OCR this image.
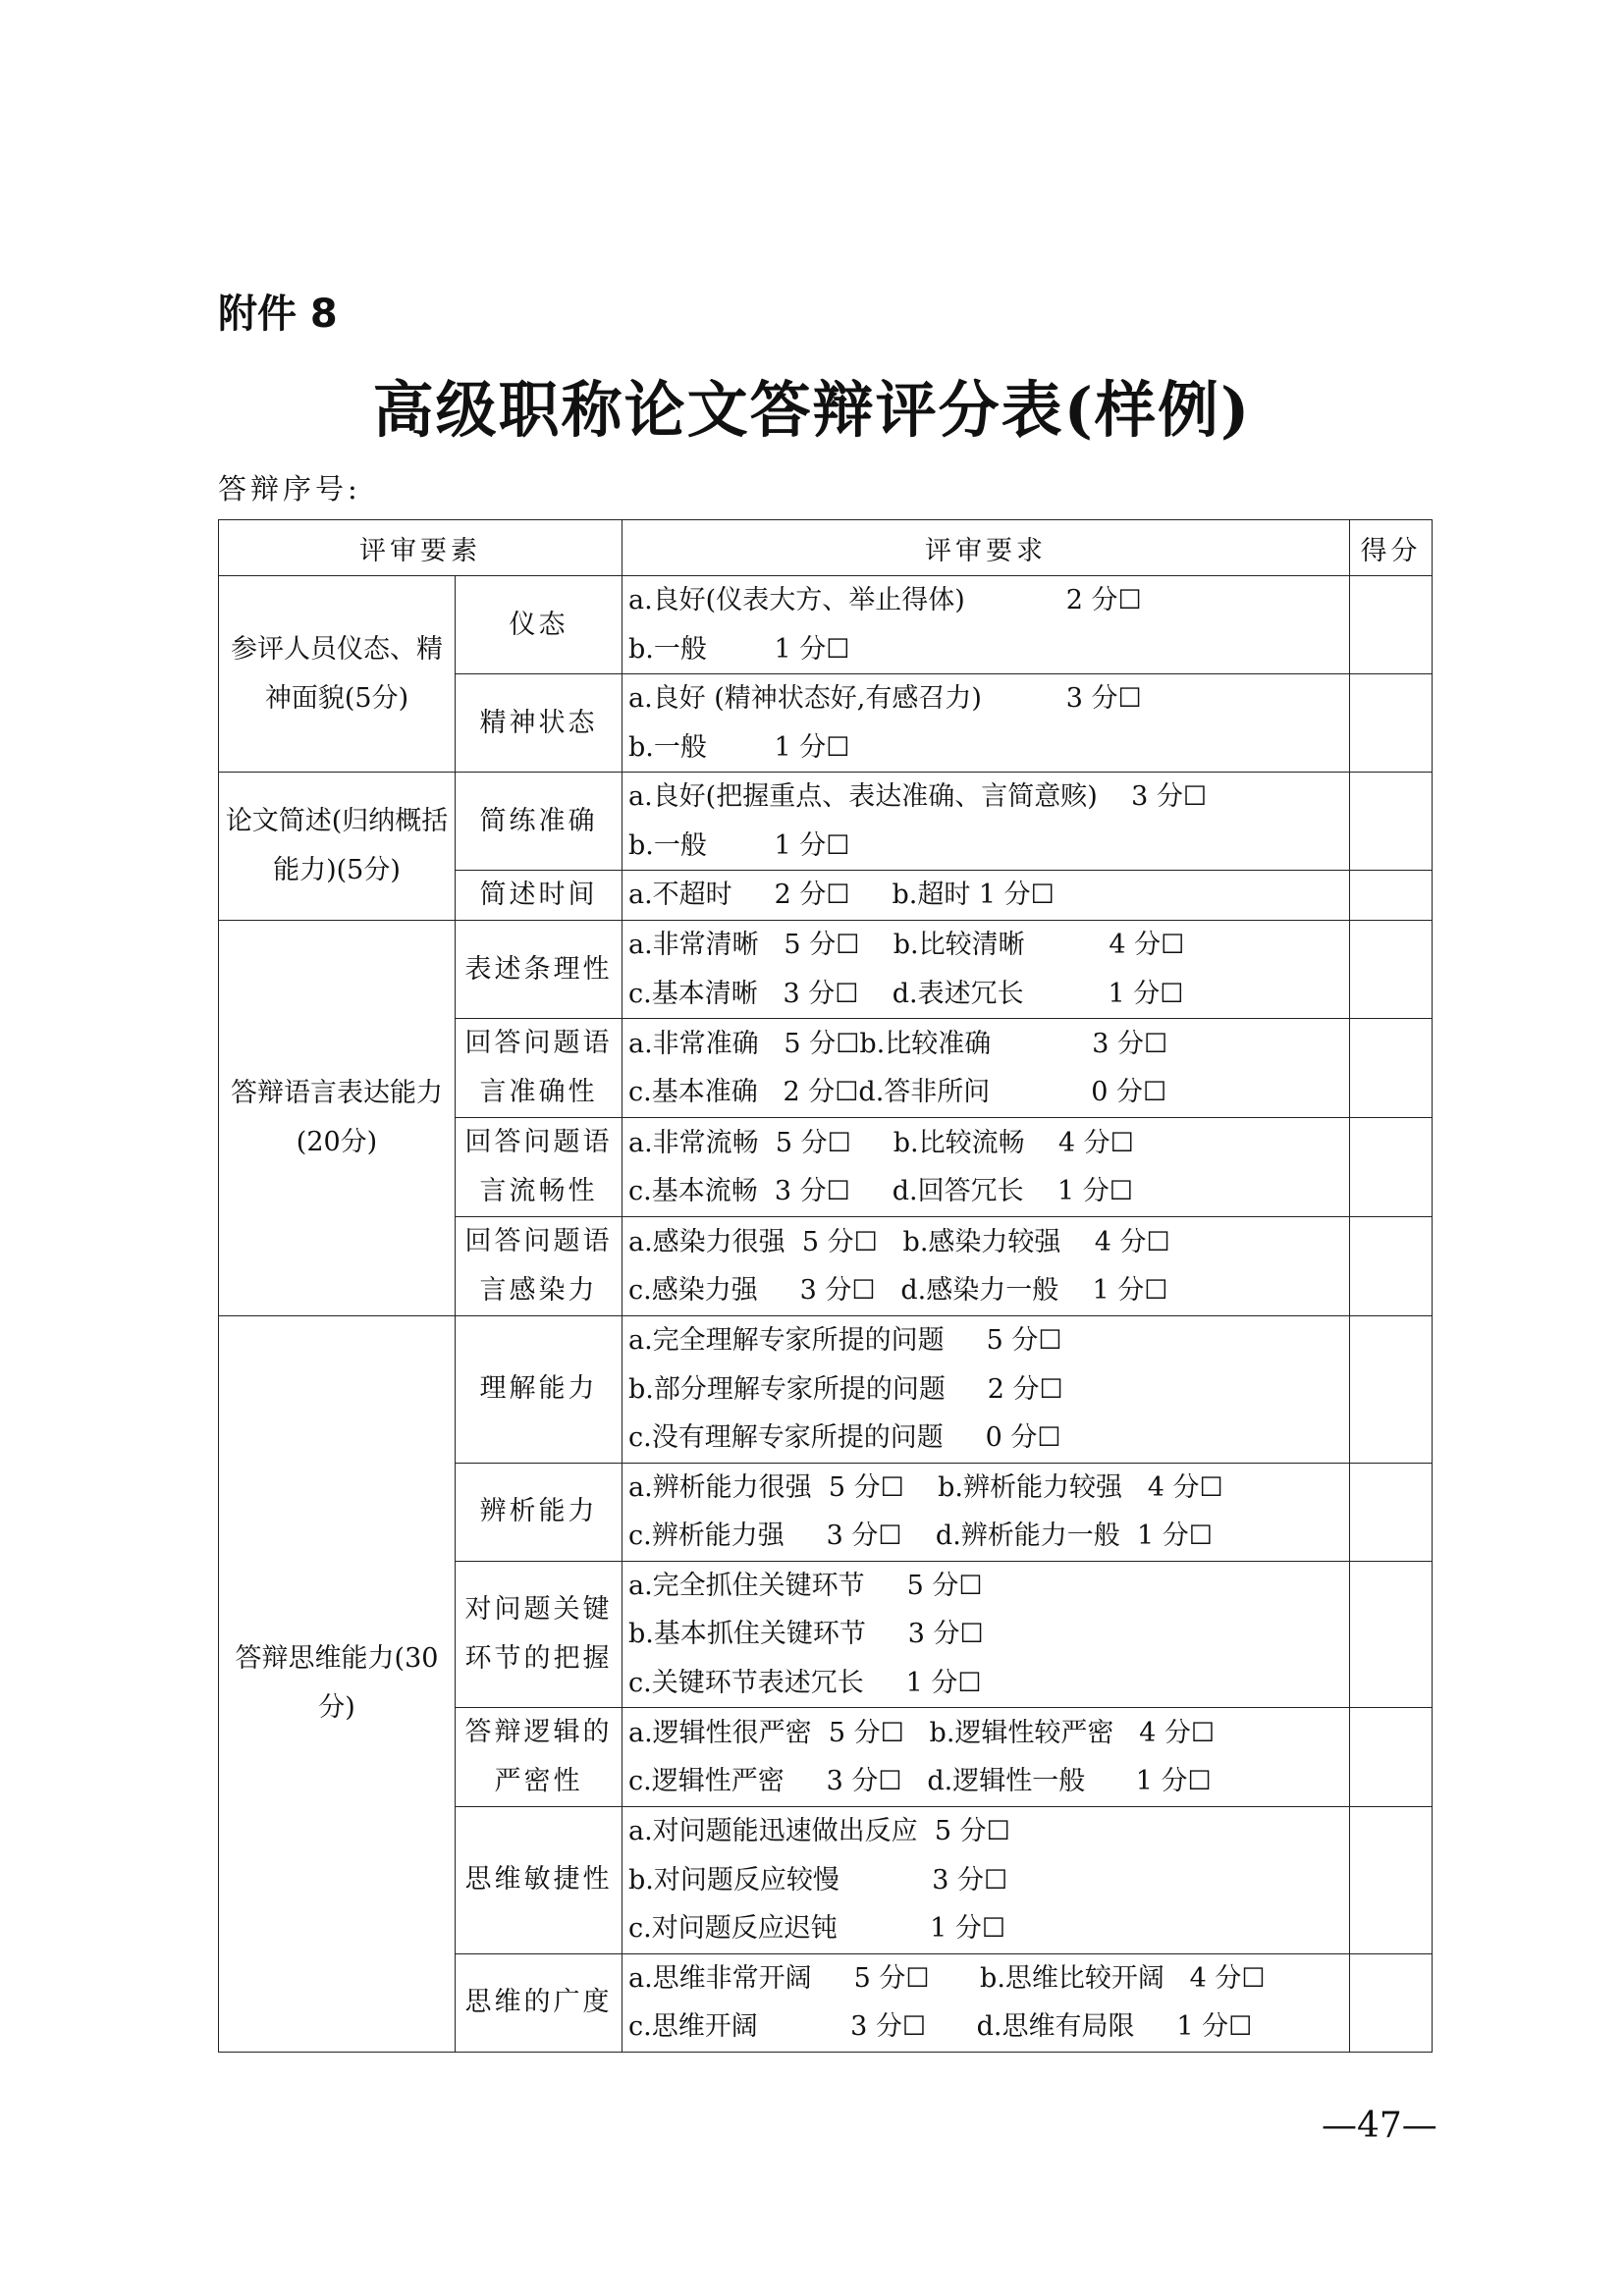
附件 8
高级职称论文答辩评分表(样例)
答辩序号:
评审要素		评审要求	得分
参评人员仪态、精神面貌(5分)	仪态	a.良好(仪表大方、举止得体)            2 分☐
b.一般        1 分☐	

	精神状态	a.良好 (精神状态好,有感召力)          3 分☐
b.一般        1 分☐	

论文简述(归纳概括能力)(5分)	简练准确	a.良好(把握重点、表达准确、言简意赅)    3 分☐
b.一般        1 分☐	

	简述时间	a.不超时     2 分☐     b.超时 1 分☐	

答辩语言表达能力(20分)	表述条理性	a.非常清晰   5 分☐    b.比较清晰          4 分☐
c.基本清晰   3 分☐    d.表述冗长          1 分☐	

	回答问题语言准确性	a.非常准确   5 分☐b.比较准确            3 分☐
c.基本准确   2 分☐d.答非所问            0 分☐	

	回答问题语言流畅性	a.非常流畅  5 分☐     b.比较流畅    4 分☐
c.基本流畅  3 分☐     d.回答冗长    1 分☐	

	回答问题语言感染力	a.感染力很强  5 分☐   b.感染力较强    4 分☐
c.感染力强     3 分☐   d.感染力一般    1 分☐	

答辩思维能力(30分)	理解能力	a.完全理解专家所提的问题     5 分☐
b.部分理解专家所提的问题     2 分☐
c.没有理解专家所提的问题     0 分☐	

	辨析能力	a.辨析能力很强  5 分☐    b.辨析能力较强   4 分☐
c.辨析能力强     3 分☐    d.辨析能力一般  1 分☐	

	对问题关键环节的把握	a.完全抓住关键环节     5 分☐
b.基本抓住关键环节     3 分☐
c.关键环节表述冗长     1 分☐	

	答辩逻辑的严密性	a.逻辑性很严密  5 分☐   b.逻辑性较严密   4 分☐
c.逻辑性严密     3 分☐   d.逻辑性一般      1 分☐	

	思维敏捷性	a.对问题能迅速做出反应  5 分☐
b.对问题反应较慢           3 分☐
c.对问题反应迟钝           1 分☐	

	思维的广度	a.思维非常开阔     5 分☐      b.思维比较开阔   4 分☐
c.思维开阔           3 分☐      d.思维有局限     1 分☐	

—47—
